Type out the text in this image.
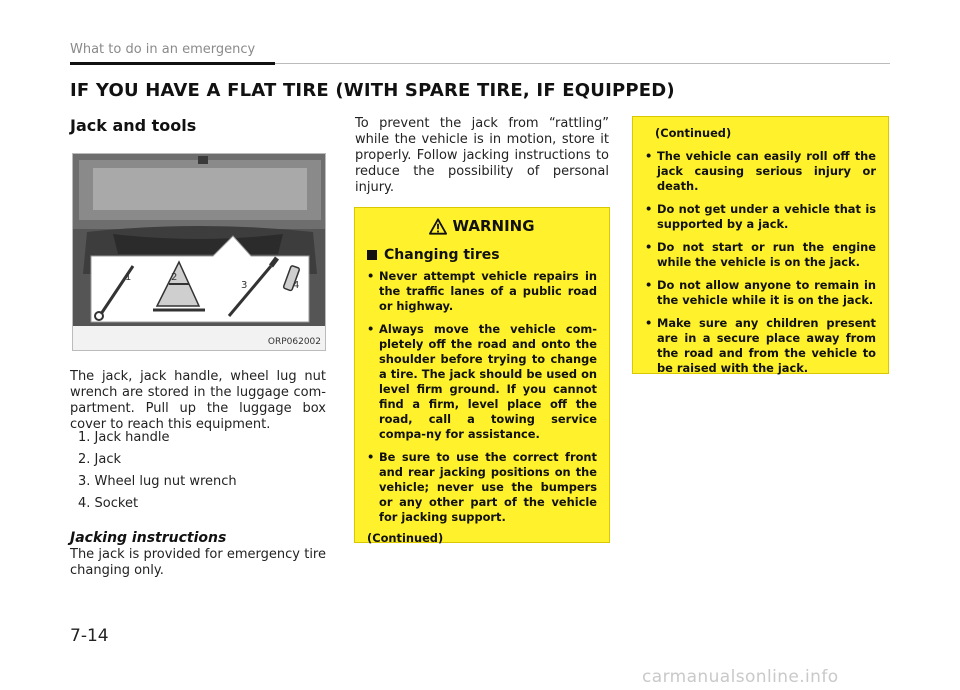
What to do in an emergency
IF YOU HAVE A FLAT TIRE (WITH SPARE TIRE, IF EQUIPPED)
Jack and tools
1	2
3	4
ORP062002

The jack, jack handle, wheel lug nut wrench are stored in the luggage com-partment. Pull up the luggage box cover to reach this equipment.

1. Jack handle
2. Jack
3. Wheel lug nut wrench
4. Socket
Jacking instructions

The jack is provided for emergency tire changing only.

To prevent the jack from “rattling” while the vehicle is in motion, store it properly. Follow jacking instructions to reduce the possibility of personal injury.

WARNING
Changing tires
• Never attempt vehicle repairs in the traffic lanes of a public road or highway.
• Always move the vehicle com-pletely off the road and onto the shoulder before trying to change a tire. The jack should be used on level firm ground. If you cannot find a firm, level place off the road, call a towing service compa-ny for assistance.
• Be sure to use the correct front and rear jacking positions on the vehicle; never use the bumpers or any other part of the vehicle for jacking support.
(Continued)
(Continued)
• The vehicle can easily roll off the jack causing serious injury or death.
• Do not get under a vehicle that is supported by a jack.
• Do not start or run the engine while the vehicle is on the jack.
• Do not allow anyone to remain in the vehicle while it is on the jack.
• Make sure any children present are in a secure place away from the road and from the vehicle to be raised with the jack.
7-14
carmanualsonline.info
